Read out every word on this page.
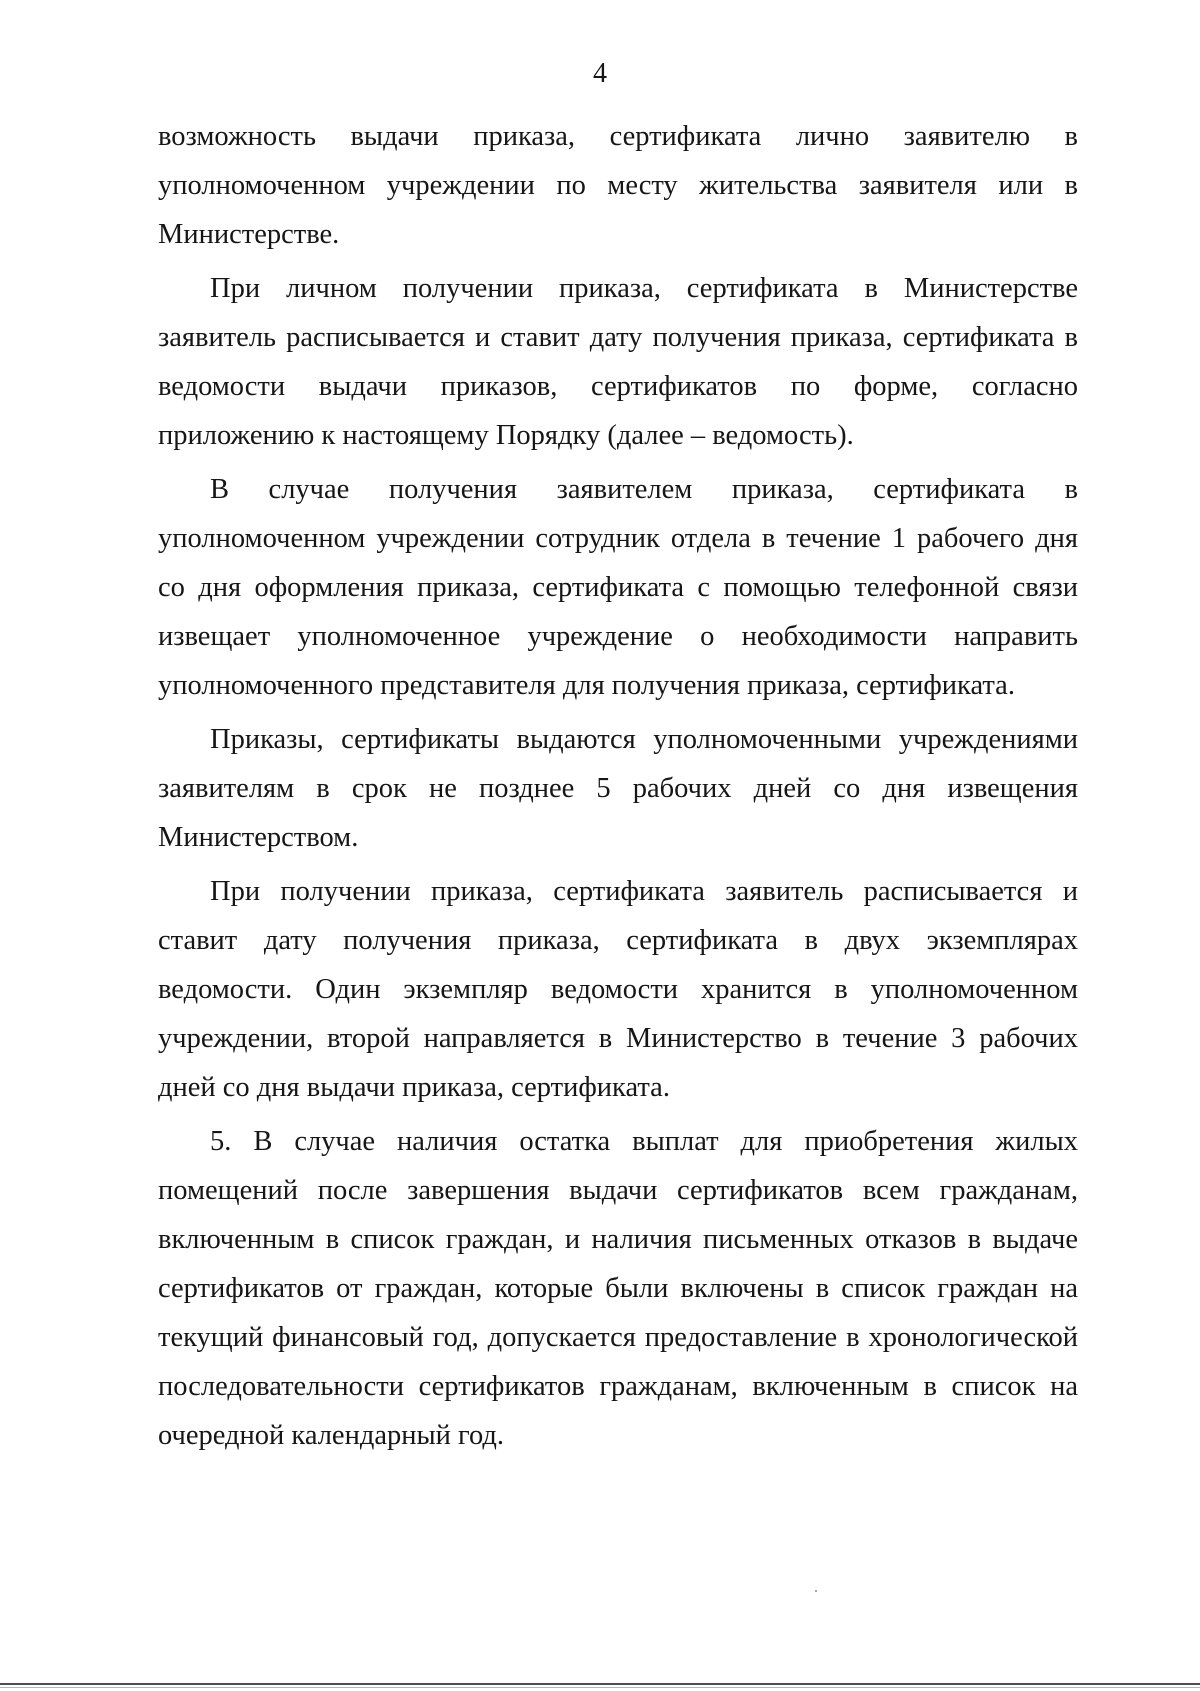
4

возможность выдачи приказа, сертификата лично заявителю в уполномоченном учреждении по месту жительства заявителя или в Министерстве.

При личном получении приказа, сертификата в Министерстве заявитель расписывается и ставит дату получения приказа, сертификата в ведомости выдачи приказов, сертификатов по форме, согласно приложению к настоящему Порядку (далее – ведомость).

В случае получения заявителем приказа, сертификата в уполномоченном учреждении сотрудник отдела в течение 1 рабочего дня со дня оформления приказа, сертификата с помощью телефонной связи извещает уполномоченное учреждение о необходимости направить уполномоченного представителя для получения приказа, сертификата.

Приказы, сертификаты выдаются уполномоченными учреждениями заявителям в срок не позднее 5 рабочих дней со дня извещения Министерством.

При получении приказа, сертификата заявитель расписывается и ставит дату получения приказа, сертификата в двух экземплярах ведомости. Один экземпляр ведомости хранится в уполномоченном учреждении, второй направляется в Министерство в течение 3 рабочих дней со дня выдачи приказа, сертификата.

5. В случае наличия остатка выплат для приобретения жилых помещений после завершения выдачи сертификатов всем гражданам, включенным в список граждан, и наличия письменных отказов в выдаче сертификатов от граждан, которые были включены в список граждан на текущий финансовый год, допускается предоставление в хронологической последовательности сертификатов гражданам, включенным в список на очередной календарный год.
